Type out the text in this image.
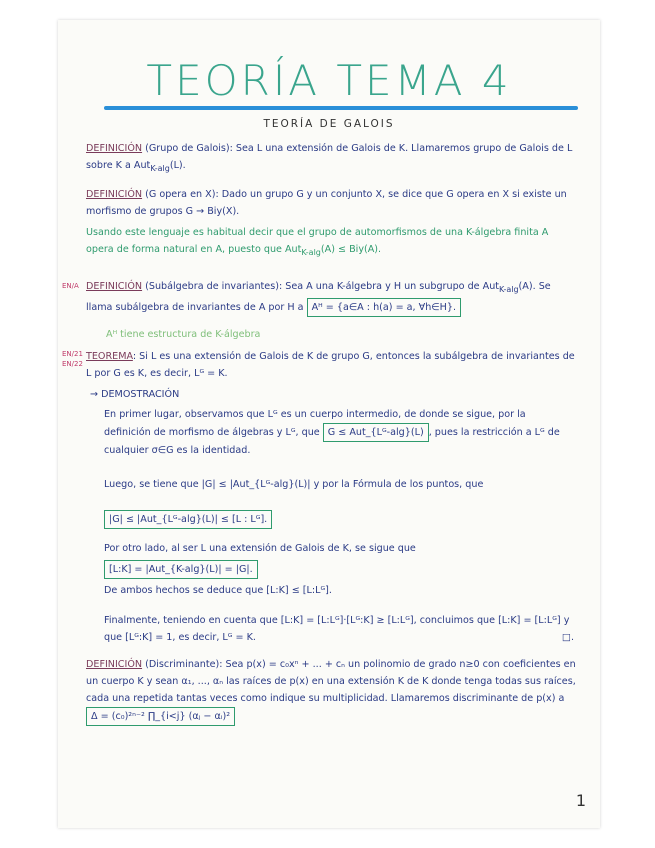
TEORÍA TEMA 4
TEORÍA DE GALOIS
DEFINICIÓN (Grupo de Galois): Sea L una extensión de Galois de K. Llamaremos grupo de Galois de L sobre K a Aut$_{K-alg}$(L).
DEFINICIÓN (G opera en X): Dado un grupo G y un conjunto X, se dice que G opera en X si existe un morfismo de grupos G → Biy(X).
Usando este lenguaje es habitual decir que el grupo de automorfismos de una K-álgebra finita A opera de forma natural en A, puesto que Aut$_{K-alg}$(A) ≤ Biy(A).
EN/A DEFINICIÓN (Subálgebra de invariantes): Sea A una K-álgebra y H un subgrupo de Aut$_{K-alg}$(A). Se llama subálgebra de invariantes de A por H a Aᴴ = {a∈A : h(a) = a, ∀h∈H}.
Aᴴ tiene estructura de K-álgebra
EN/21
EN/22
TEOREMA: Si L es una extensión de Galois de K de grupo G, entonces la subálgebra de invariantes de L por G es K, es decir, Lᴳ = K.
→ DEMOSTRACIÓN
En primer lugar, observamos que Lᴳ es un cuerpo intermedio, de donde se sigue, por la definición de morfismo de álgebras y Lᴳ, que G ≤ Aut_{Lᴳ-alg}(L) , pues la restricción a Lᴳ de cualquier σ∈G es la identidad.
Luego, se tiene que |G| ≤ |Aut_{Lᴳ-alg}(L)| y por la Fórmula de los puntos, que
|G| ≤ |Aut_{Lᴳ-alg}(L)| ≤ [L : Lᴳ].
Por otro lado, al ser L una extensión de Galois de K, se sigue que
[L:K] = |Aut_{K-alg}(L)| = |G|.
De ambos hechos se deduce que [L:K] ≤ [L:Lᴳ].
Finalmente, teniendo en cuenta que [L:K] = [L:Lᴳ]·[Lᴳ:K] ≥ [L:Lᴳ], concluimos que [L:K] = [L:Lᴳ] y que [Lᴳ:K] = 1, es decir, Lᴳ = K.	□.
DEFINICIÓN (Discriminante): Sea p(x) = c₀xⁿ + ... + cₙ un polinomio de grado n≥0 con coeficientes en un cuerpo K y sean α₁, ..., αₙ las raíces de p(x) en una extensión K de K donde tenga todas sus raíces, cada una repetida tantas veces como indique su multiplicidad. Llamaremos discriminante de p(x) a Δ = (c₀)²ⁿ⁻² ∏_{i<j} (αⱼ − αᵢ)²
1
